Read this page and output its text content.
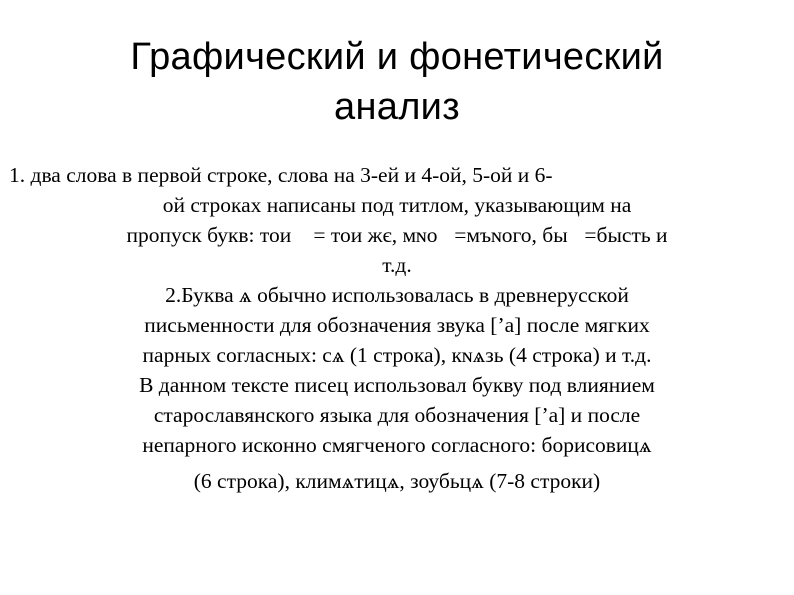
Графический и фонетический
анализ
1. два слова в первой строке, слова на 3-ей и 4-ой, 5-ой и 6-
ой строках написаны под титлом, указывающим на
пропуск букв: тоиᷖ = тои жє, мɴоᷢ=мъɴого, быᷣ=бысть и
т.д.
2.Буква ѧ обычно использовалась в древнерусской
письменности для обозначения звука [’а] после мягких
парных согласных: сѧ (1 строка), кɴѧзь (4 строка) и т.д.
В данном тексте писец использовал букву под влиянием
старославянского языка для обозначения [’а] и после
непарного исконно смягченого согласного: борисовицѧ
(6 строка), климѧтицѧ, зоубьцѧ (7-8 строки)
